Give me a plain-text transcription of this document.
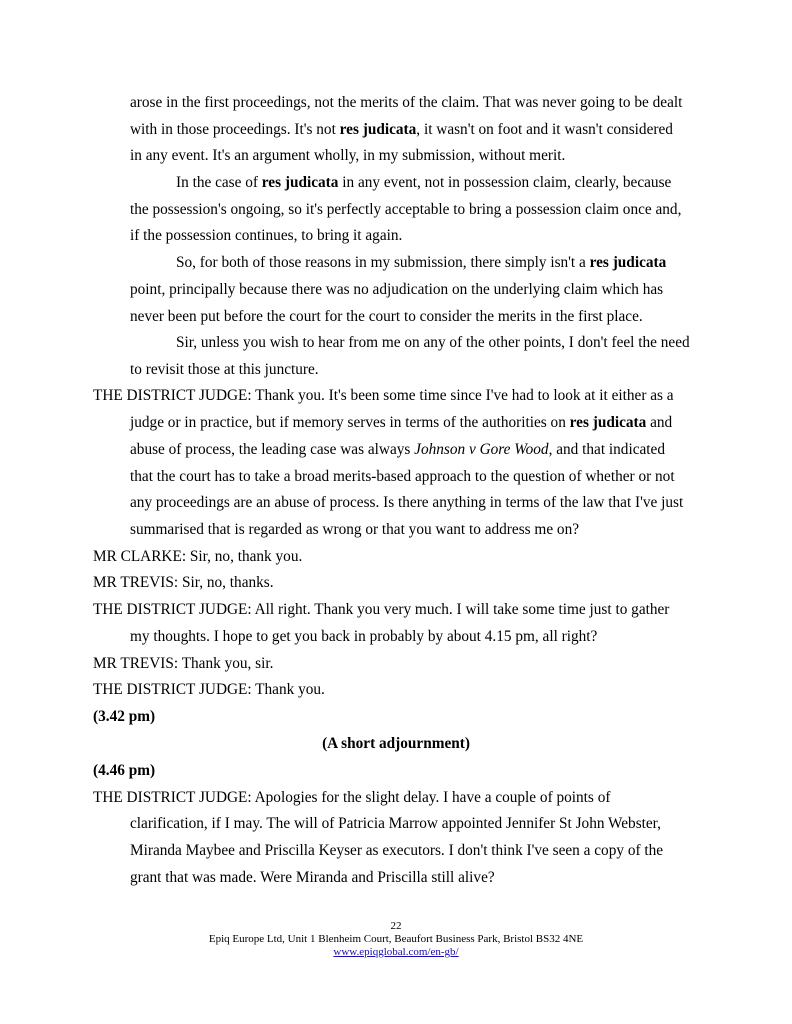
arose in the first proceedings, not the merits of the claim. That was never going to be dealt
with in those proceedings. It's not res judicata, it wasn't on foot and it wasn't considered
in any event. It's an argument wholly, in my submission, without merit.
In the case of res judicata in any event, not in possession claim, clearly, because
the possession's ongoing, so it's perfectly acceptable to bring a possession claim once and,
if the possession continues, to bring it again.
So, for both of those reasons in my submission, there simply isn't a res judicata
point, principally because there was no adjudication on the underlying claim which has
never been put before the court for the court to consider the merits in the first place.
Sir, unless you wish to hear from me on any of the other points, I don't feel the need
to revisit those at this juncture.
THE DISTRICT JUDGE: Thank you. It's been some time since I've had to look at it either as a
judge or in practice, but if memory serves in terms of the authorities on res judicata and
abuse of process, the leading case was always Johnson v Gore Wood, and that indicated
that the court has to take a broad merits-based approach to the question of whether or not
any proceedings are an abuse of process. Is there anything in terms of the law that I've just
summarised that is regarded as wrong or that you want to address me on?
MR CLARKE: Sir, no, thank you.
MR TREVIS: Sir, no, thanks.
THE DISTRICT JUDGE: All right. Thank you very much. I will take some time just to gather
my thoughts. I hope to get you back in probably by about 4.15 pm, all right?
MR TREVIS: Thank you, sir.
THE DISTRICT JUDGE: Thank you.
(3.42 pm)
(A short adjournment)
(4.46 pm)
THE DISTRICT JUDGE: Apologies for the slight delay. I have a couple of points of
clarification, if I may. The will of Patricia Marrow appointed Jennifer St John Webster,
Miranda Maybee and Priscilla Keyser as executors. I don't think I've seen a copy of the
grant that was made. Were Miranda and Priscilla still alive?
22
Epiq Europe Ltd, Unit 1 Blenheim Court, Beaufort Business Park, Bristol BS32 4NE
www.epiqglobal.com/en-gb/
